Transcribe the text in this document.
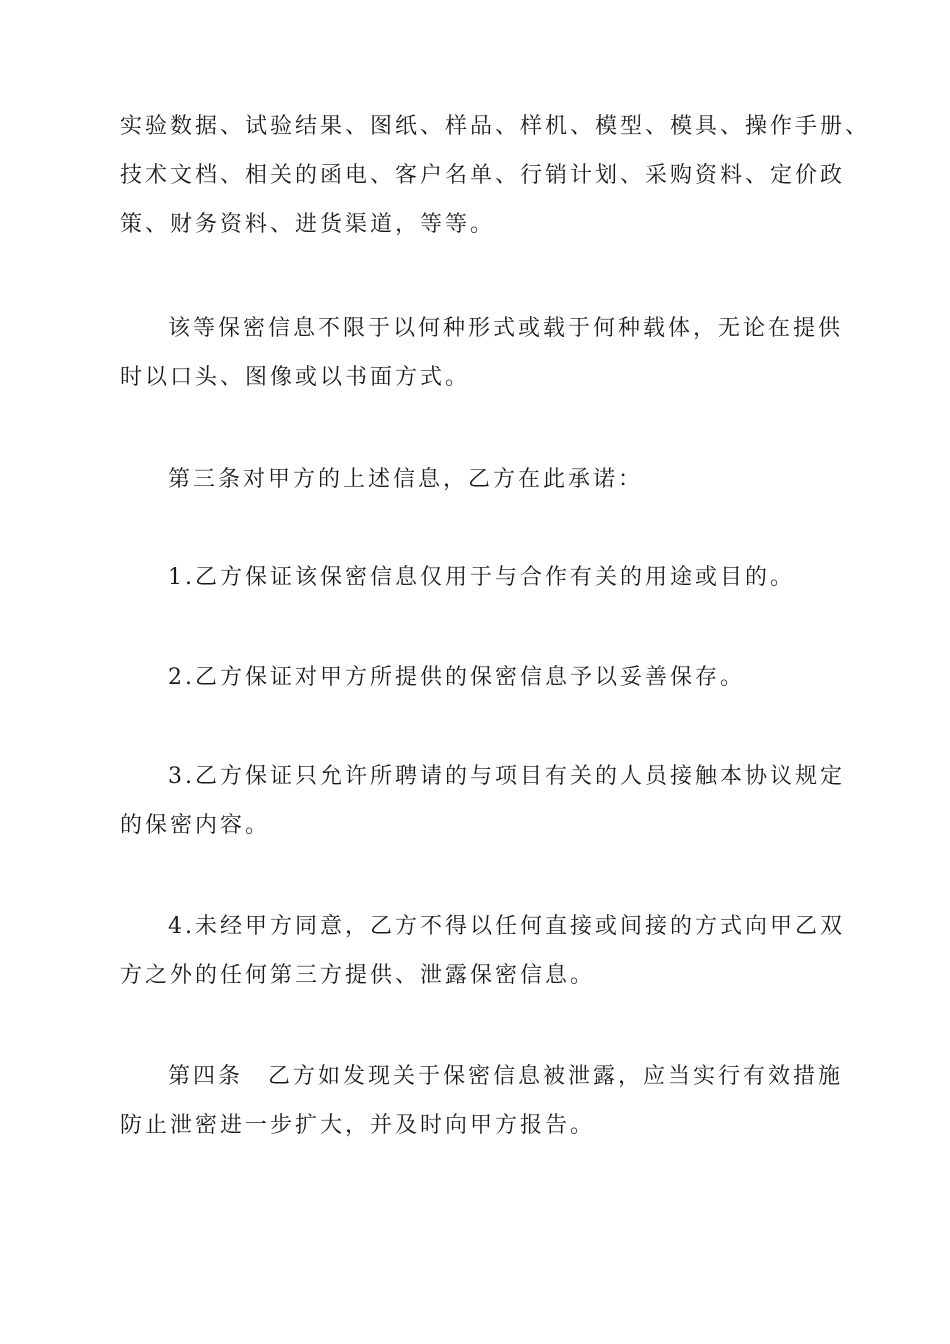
实验数据、试验结果、图纸、样品、样机、模型、模具、操作手册、
技术文档、相关的函电、客户名单、行销计划、采购资料、定价政
策、财务资料、进货渠道，等等。
该等保密信息不限于以何种形式或载于何种载体，无论在提供
时以口头、图像或以书面方式。
第三条对甲方的上述信息，乙方在此承诺：
1.乙方保证该保密信息仅用于与合作有关的用途或目的。
2.乙方保证对甲方所提供的保密信息予以妥善保存。
3.乙方保证只允许所聘请的与项目有关的人员接触本协议规定
的保密内容。
4.未经甲方同意，乙方不得以任何直接或间接的方式向甲乙双
方之外的任何第三方提供、泄露保密信息。
第四条　乙方如发现关于保密信息被泄露，应当实行有效措施
防止泄密进一步扩大，并及时向甲方报告。
